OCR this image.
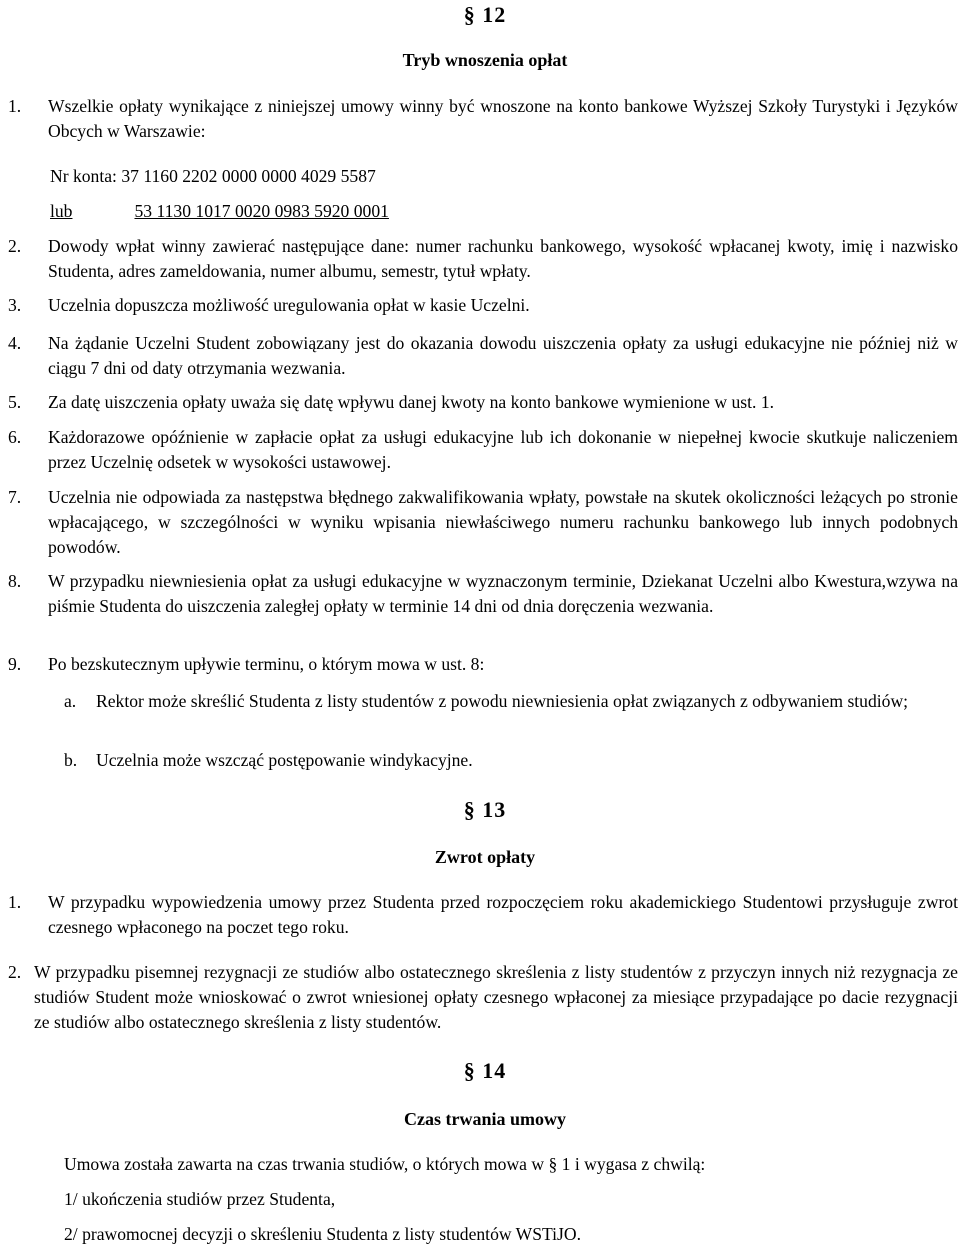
§ 12
Tryb wnoszenia opłat
1. Wszelkie opłaty wynikające z niniejszej umowy winny być wnoszone na konto bankowe Wyższej Szkoły Turystyki i Języków Obcych w Warszawie:
Nr konta: 37 1160 2202 0000 0000 4029 5587
lub	53 1130 1017 0020 0983 5920 0001
2. Dowody wpłat winny zawierać następujące dane: numer rachunku bankowego, wysokość wpłacanej kwoty, imię i nazwisko Studenta, adres zameldowania, numer albumu, semestr, tytuł wpłaty.
3. Uczelnia dopuszcza możliwość uregulowania opłat w kasie Uczelni.
4. Na żądanie Uczelni Student zobowiązany jest do okazania dowodu uiszczenia opłaty za usługi edukacyjne nie później niż w ciągu 7 dni od daty otrzymania wezwania.
5. Za datę uiszczenia opłaty uważa się datę wpływu danej kwoty na konto bankowe wymienione w ust. 1.
6. Każdorazowe opóźnienie w zapłacie opłat za usługi edukacyjne lub ich dokonanie w niepełnej kwocie skutkuje naliczeniem przez Uczelnię odsetek w wysokości ustawowej.
7. Uczelnia nie odpowiada za następstwa błędnego zakwalifikowania wpłaty, powstałe na skutek okoliczności leżących po stronie wpłacającego, w szczególności w wyniku wpisania niewłaściwego numeru rachunku bankowego lub innych podobnych powodów.
8. W przypadku niewniesienia opłat za usługi edukacyjne w wyznaczonym terminie, Dziekanat Uczelni albo Kwestura,wzywa na piśmie Studenta do uiszczenia zaległej opłaty w terminie 14 dni od dnia doręczenia wezwania.
9. Po bezskutecznym upływie terminu, o którym mowa w ust. 8:
a. Rektor może skreślić Studenta z listy studentów z powodu niewniesienia opłat związanych z odbywaniem studiów;
b. Uczelnia może wszcząć postępowanie windykacyjne.
§ 13
Zwrot opłaty
1. W przypadku wypowiedzenia umowy przez Studenta przed rozpoczęciem roku akademickiego Studentowi przysługuje zwrot czesnego wpłaconego na poczet tego roku.
2. W przypadku pisemnej rezygnacji ze studiów albo ostatecznego skreślenia z listy studentów z przyczyn innych niż rezygnacja ze studiów Student może wnioskować o zwrot wniesionej opłaty czesnego wpłaconej za miesiące przypadające po dacie rezygnacji ze studiów albo ostatecznego skreślenia z listy studentów.
§ 14
Czas trwania umowy
Umowa została zawarta na czas trwania studiów, o których mowa w § 1 i wygasa z chwilą:
1/ ukończenia studiów przez Studenta,
2/ prawomocnej decyzji o skreśleniu Studenta z listy studentów WSTiJO.
